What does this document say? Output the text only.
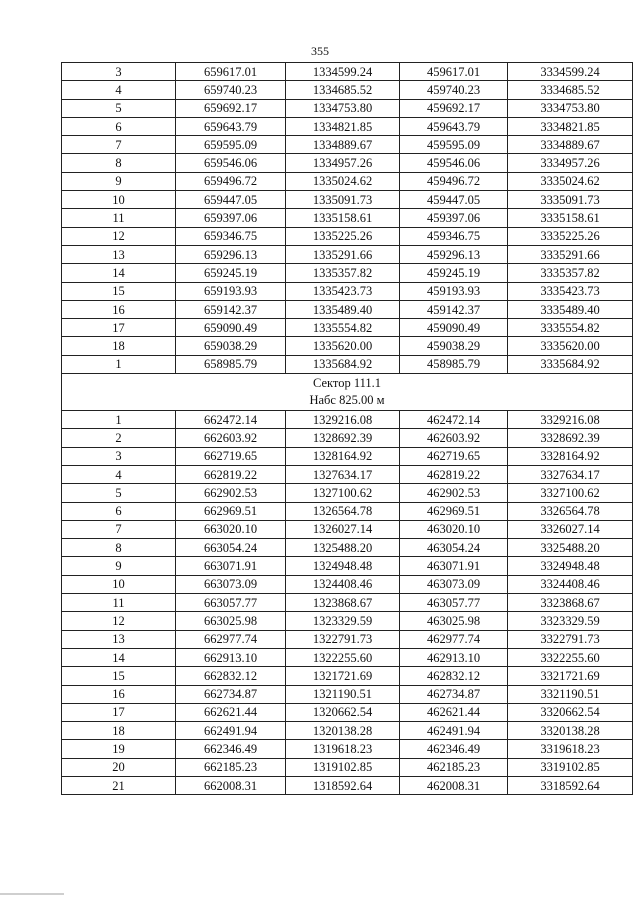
355
3	659617.01	1334599.24	459617.01	3334599.24
4	659740.23	1334685.52	459740.23	3334685.52
5	659692.17	1334753.80	459692.17	3334753.80
6	659643.79	1334821.85	459643.79	3334821.85
7	659595.09	1334889.67	459595.09	3334889.67
8	659546.06	1334957.26	459546.06	3334957.26
9	659496.72	1335024.62	459496.72	3335024.62
10	659447.05	1335091.73	459447.05	3335091.73
11	659397.06	1335158.61	459397.06	3335158.61
12	659346.75	1335225.26	459346.75	3335225.26
13	659296.13	1335291.66	459296.13	3335291.66
14	659245.19	1335357.82	459245.19	3335357.82
15	659193.93	1335423.73	459193.93	3335423.73
16	659142.37	1335489.40	459142.37	3335489.40
17	659090.49	1335554.82	459090.49	3335554.82
18	659038.29	1335620.00	459038.29	3335620.00
1	658985.79	1335684.92	458985.79	3335684.92

Сектор 111.1
Набс 825.00 м				

1	662472.14	1329216.08	462472.14	3329216.08
2	662603.92	1328692.39	462603.92	3328692.39
3	662719.65	1328164.92	462719.65	3328164.92
4	662819.22	1327634.17	462819.22	3327634.17
5	662902.53	1327100.62	462902.53	3327100.62
6	662969.51	1326564.78	462969.51	3326564.78
7	663020.10	1326027.14	463020.10	3326027.14
8	663054.24	1325488.20	463054.24	3325488.20
9	663071.91	1324948.48	463071.91	3324948.48
10	663073.09	1324408.46	463073.09	3324408.46
11	663057.77	1323868.67	463057.77	3323868.67
12	663025.98	1323329.59	463025.98	3323329.59
13	662977.74	1322791.73	462977.74	3322791.73
14	662913.10	1322255.60	462913.10	3322255.60
15	662832.12	1321721.69	462832.12	3321721.69
16	662734.87	1321190.51	462734.87	3321190.51
17	662621.44	1320662.54	462621.44	3320662.54
18	662491.94	1320138.28	462491.94	3320138.28
19	662346.49	1319618.23	462346.49	3319618.23
20	662185.23	1319102.85	462185.23	3319102.85
21	662008.31	1318592.64	462008.31	3318592.64
